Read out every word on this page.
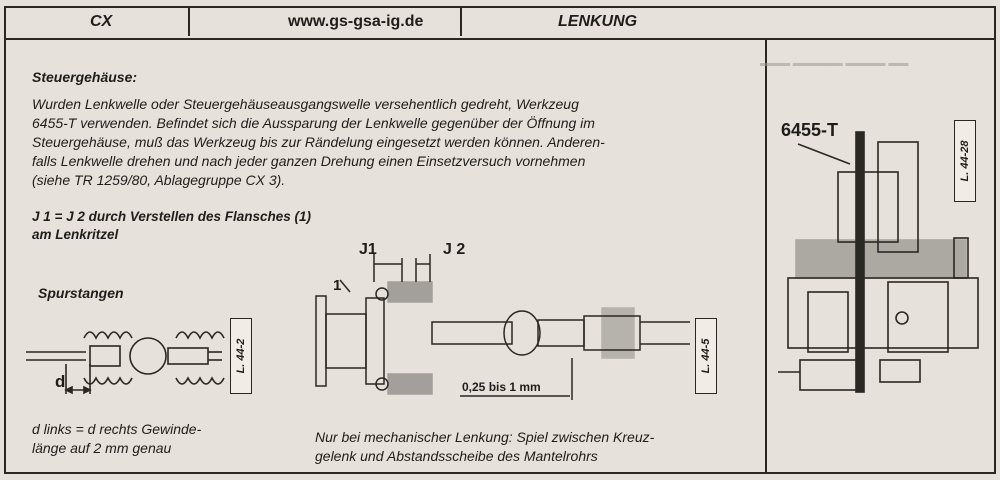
CX	www.gs-gsa-ig.de	LENKUNG
▬▬▬ ▬▬▬▬▬ ▬▬▬▬ ▬▬
Steuergehäuse:
Wurden Lenkwelle oder Steuergehäuseausgangswelle versehentlich gedreht, Werkzeug
6455-T verwenden. Befindet sich die Aussparung der Lenkwelle gegenüber der Öffnung im
Steuergehäuse, muß das Werkzeug bis zur Rändelung eingesetzt werden können. Anderen-
falls Lenkwelle drehen und nach jeder ganzen Drehung einen Einsetzversuch vornehmen
(siehe TR 1259/80, Ablagegruppe CX 3).
J 1 = J 2 durch Verstellen des Flansches (1)
am Lenkritzel
Spurstangen
d
L. 44-2
d links = d rechts Gewinde-
länge auf 2 mm genau
J1	J 2
1
0,25 bis 1 mm
L. 44-5
Nur bei mechanischer Lenkung: Spiel zwischen Kreuz-
gelenk und Abstandsscheibe des Mantelrohrs
6455-T
L. 44-28
